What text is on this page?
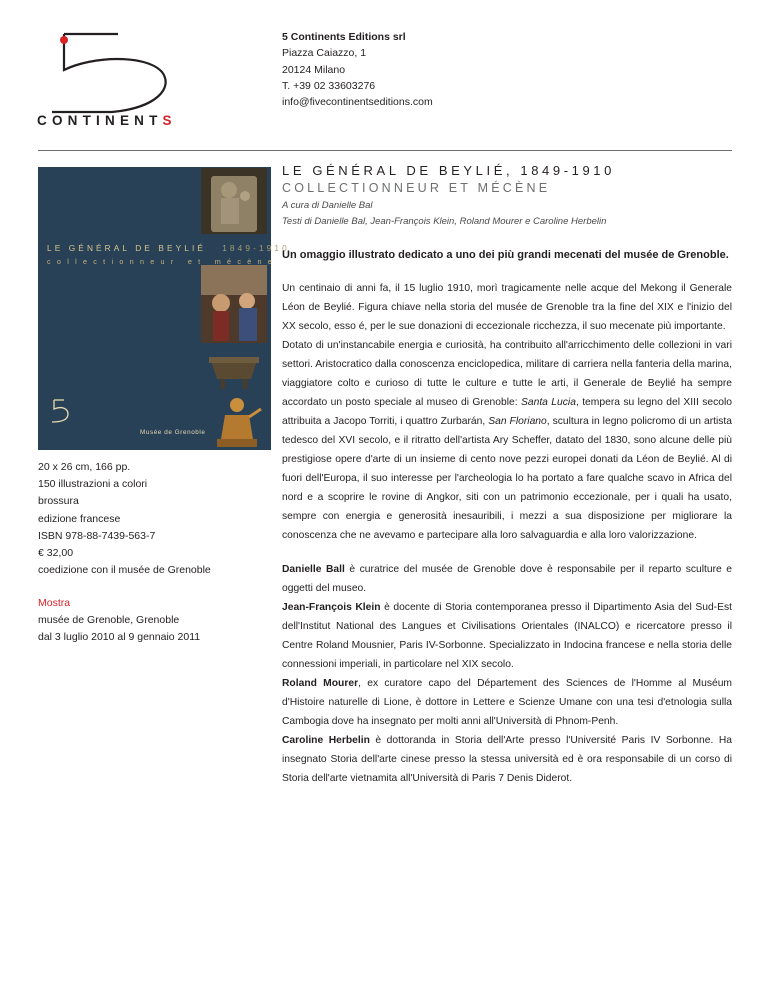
CONTINENTS
5 Continents Editions srl
Piazza Caiazzo, 1
20124 Milano
T. +39 02 33603276
info@fivecontinentseditions.com
LE GÉNÉRAL DE BEYLIÉ 1849-1910
collectionneur et mécène
Musée de Grenoble
20 x 26 cm, 166 pp.
150 illustrazioni a colori
brossura
edizione francese
ISBN 978-88-7439-563-7
€ 32,00
coedizione con il musée de Grenoble
Mostra
musée de Grenoble, Grenoble
dal 3 luglio 2010 al 9 gennaio 2011
LE GÉNÉRAL DE BEYLIÉ, 1849-1910
COLLECTIONNEUR ET MÉCÈNE
A cura di Danielle Bal
Testi di Danielle Bal, Jean-François Klein, Roland Mourer e Caroline Herbelin
Un omaggio illustrato dedicato a uno dei più grandi mecenati del musée de Grenoble.

Un centinaio di anni fa, il 15 luglio 1910, morì tragicamente nelle acque del Mekong il Generale Léon de Beylié. Figura chiave nella storia del musée de Grenoble tra la fine del XIX e l'inizio del XX secolo, esso é, per le sue donazioni di eccezionale ricchezza, il suo mecenate più importante.

Dotato di un'instancabile energia e curiosità, ha contribuito all'arricchimento delle collezioni in vari settori. Aristocratico dalla conoscenza enciclopedica, militare di carriera nella fanteria della marina, viaggiatore colto e curioso di tutte le culture e tutte le arti, il Generale de Beylié ha sempre accordato un posto speciale al museo di Grenoble: Santa Lucia, tempera su legno del XIII secolo attribuita a Jacopo Torriti, i quattro Zurbarán, San Floriano, scultura in legno policromo di un artista tedesco del XVI secolo, e il ritratto dell'artista Ary Scheffer, datato del 1830, sono alcune delle più prestigiose opere d'arte di un insieme di cento nove pezzi europei donati da Léon de Beylié. Al di fuori dell'Europa, il suo interesse per l'archeologia lo ha portato a fare qualche scavo in Africa del nord e a scoprire le rovine di Angkor, siti con un patrimonio eccezionale, per i quali ha usato, sempre con energia e generosità inesauribili, i mezzi a sua disposizione per migliorare la conoscenza che ne avevamo e partecipare alla loro salvaguardia e alla loro valorizzazione.

Danielle Ball è curatrice del musée de Grenoble dove è responsabile per il reparto sculture e oggetti del museo.

Jean-François Klein è docente di Storia contemporanea presso il Dipartimento Asia del Sud-Est dell'Institut National des Langues et Civilisations Orientales (INALCO) e ricercatore presso il Centre Roland Mousnier, Paris IV-Sorbonne. Specializzato in Indocina francese e nella storia delle connessioni imperiali, in particolare nel XIX secolo.

Roland Mourer, ex curatore capo del Département des Sciences de l'Homme al Muséum d'Histoire naturelle di Lione, è dottore in Lettere e Scienze Umane con una tesi d'etnologia sulla Cambogia dove ha insegnato per molti anni all'Università di Phnom-Penh.

Caroline Herbelin è dottoranda in Storia dell'Arte presso l'Université Paris IV Sorbonne. Ha insegnato Storia dell'arte cinese presso la stessa università ed è ora responsabile di un corso di Storia dell'arte vietnamita all'Università di Paris 7 Denis Diderot.
